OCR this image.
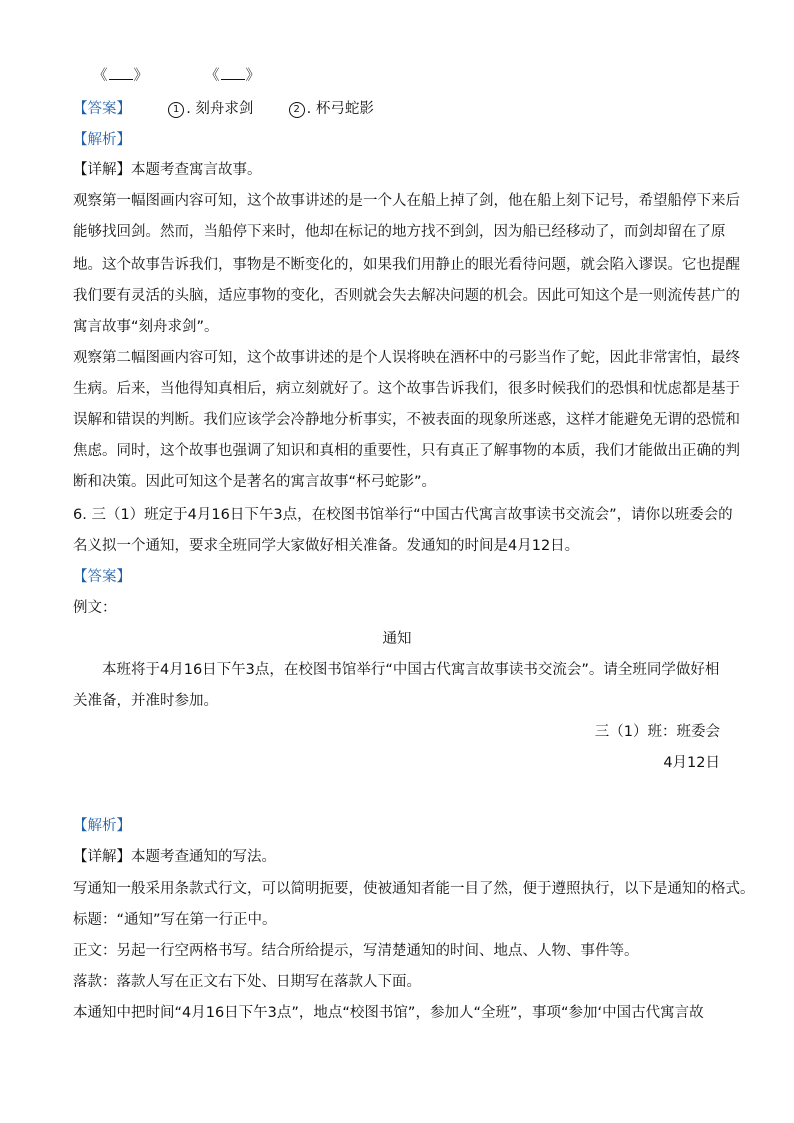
《 》	《 》
【答案】	1 . 刻舟求剑	2 . 杯弓蛇影
【解析】
【详解】本题考查寓言故事。
观察第一幅图画内容可知，这个故事讲述的是一个人在船上掉了剑，他在船上刻下记号，希望船停下来后
能够找回剑。然而，当船停下来时，他却在标记的地方找不到剑，因为船已经移动了，而剑却留在了原
地。这个故事告诉我们，事物是不断变化的，如果我们用静止的眼光看待问题，就会陷入谬误。它也提醒
我们要有灵活的头脑，适应事物的变化，否则就会失去解决问题的机会。因此可知这个是一则流传甚广的
寓言故事“刻舟求剑”。
观察第二幅图画内容可知，这个故事讲述的是个人误将映在酒杯中的弓影当作了蛇，因此非常害怕，最终
生病。后来，当他得知真相后，病立刻就好了。这个故事告诉我们，很多时候我们的恐惧和忧虑都是基于
误解和错误的判断。我们应该学会冷静地分析事实，不被表面的现象所迷惑，这样才能避免无谓的恐慌和
焦虑。同时，这个故事也强调了知识和真相的重要性，只有真正了解事物的本质，我们才能做出正确的判
断和决策。因此可知这个是著名的寓言故事“杯弓蛇影”。
6. 三（1）班定于4月16日下午3点，在校图书馆举行“中国古代寓言故事读书交流会”，请你以班委会的
名义拟一个通知，要求全班同学大家做好相关准备。发通知的时间是4月12日。
【答案】
例文：
通知
本班将于4月16日下午3点，在校图书馆举行“中国古代寓言故事读书交流会”。请全班同学做好相
关准备，并准时参加。
三（1）班：班委会
4月12日
【解析】
【详解】本题考查通知的写法。
写通知一般采用条款式行文，可以简明扼要，使被通知者能一目了然，便于遵照执行，以下是通知的格式。
标题：“通知”写在第一行正中。
正文：另起一行空两格书写。结合所给提示，写清楚通知的时间、地点、人物、事件等。
落款：落款人写在正文右下处、日期写在落款人下面。
本通知中把时间“4月16日下午3点”，地点“校图书馆”，参加人“全班”，事项“参加‘中国古代寓言故
